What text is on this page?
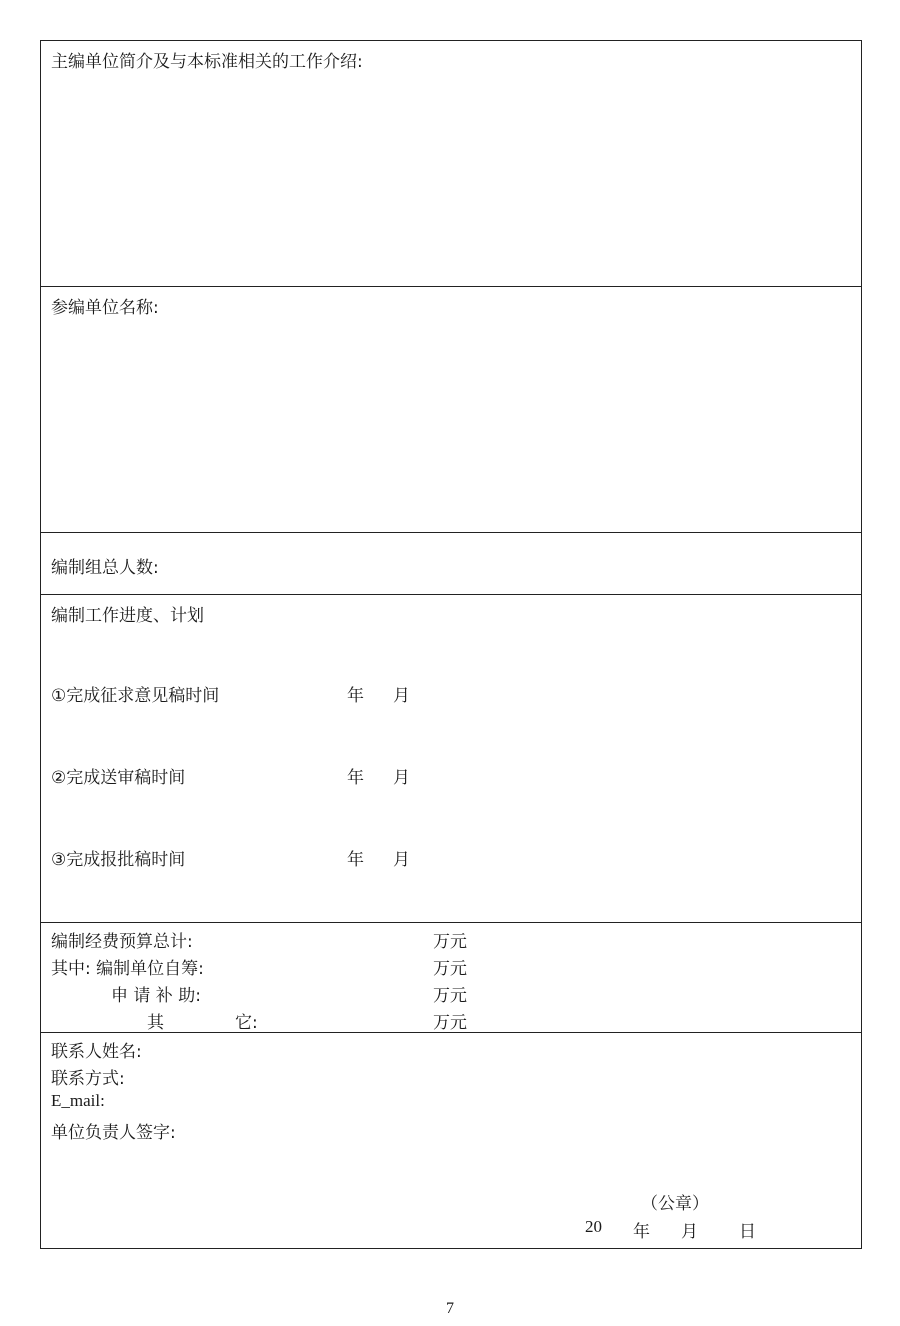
主编单位简介及与本标准相关的工作介绍:
参编单位名称:
编制组总人数:
编制工作进度、计划
①完成征求意见稿时间	年 月
②完成送审稿时间	年 月
③完成报批稿时间	年 月
编制经费预算总计:	万元
其中: 编制单位自筹:	万元
申 请 补 助:	万元
其	它:	万元
联系人姓名:
联系方式:
E_mail:
单位负责人签字:
（公章）
20 年 月 日
7
